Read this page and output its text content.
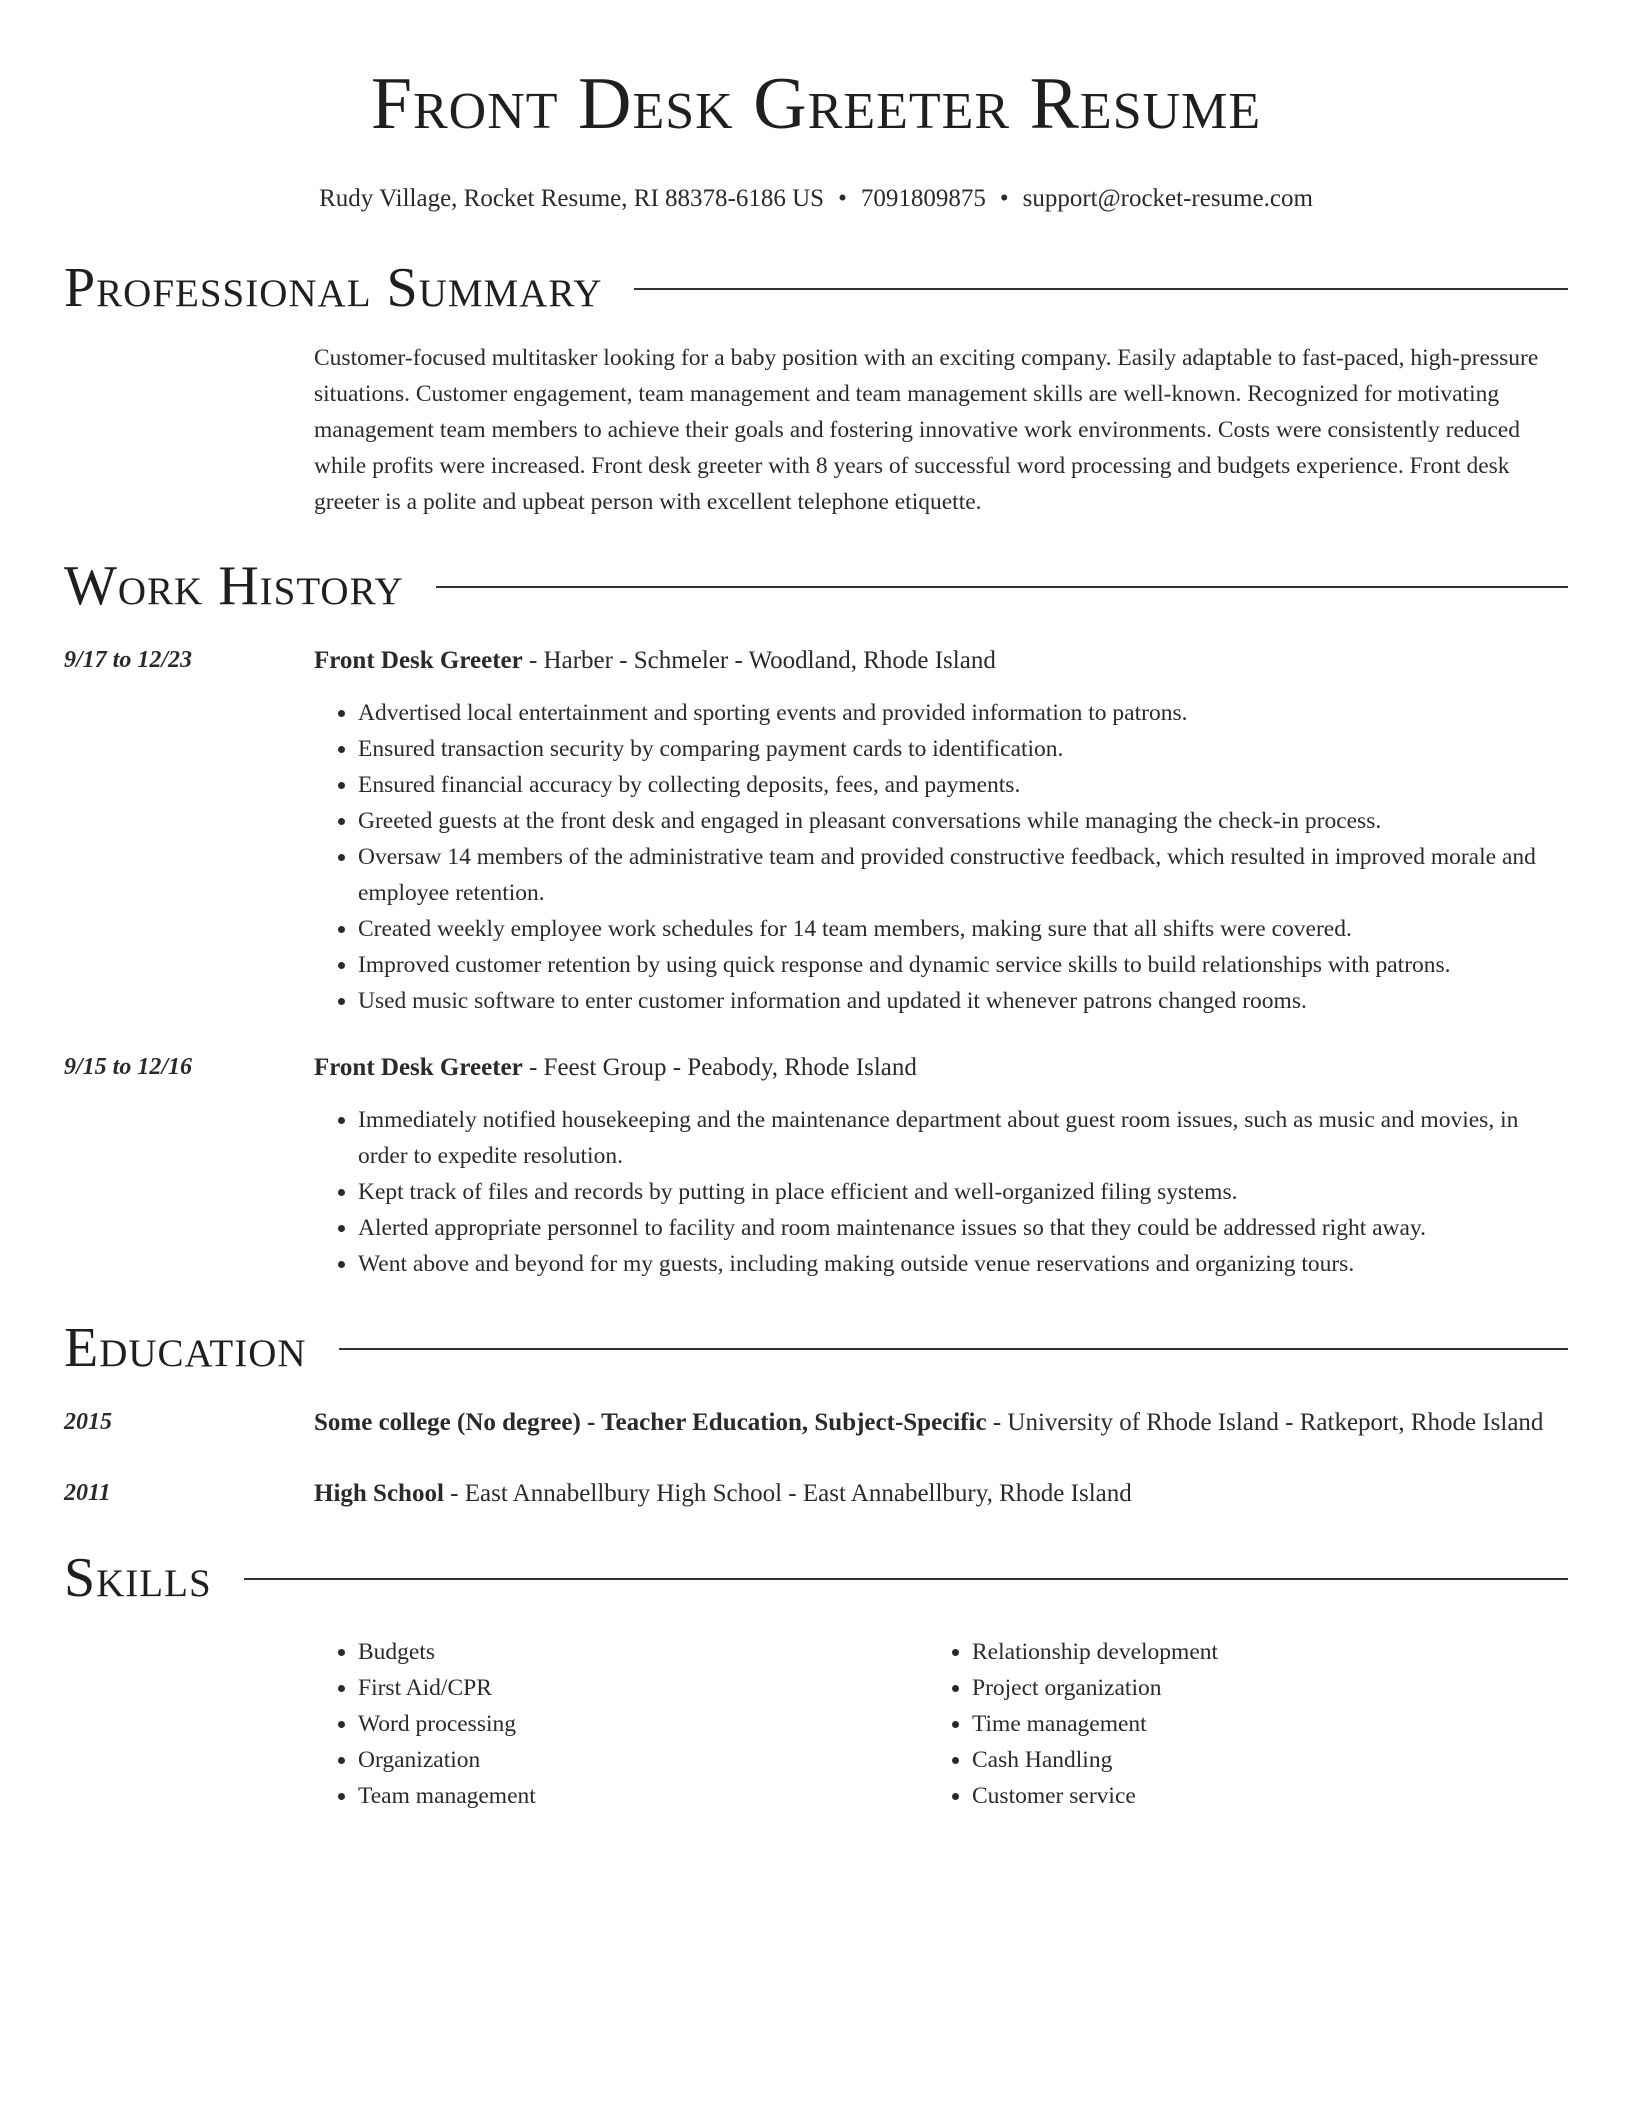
Front Desk Greeter Resume
Rudy Village, Rocket Resume, RI 88378-6186 US • 7091809875 • support@rocket-resume.com
Professional Summary
Customer-focused multitasker looking for a baby position with an exciting company. Easily adaptable to fast-paced, high-pressure situations. Customer engagement, team management and team management skills are well-known. Recognized for motivating management team members to achieve their goals and fostering innovative work environments. Costs were consistently reduced while profits were increased. Front desk greeter with 8 years of successful word processing and budgets experience. Front desk greeter is a polite and upbeat person with excellent telephone etiquette.
Work History
9/17 to 12/23	Front Desk Greeter - Harber - Schmeler - Woodland, Rhode Island
• Advertised local entertainment and sporting events and provided information to patrons.
• Ensured transaction security by comparing payment cards to identification.
• Ensured financial accuracy by collecting deposits, fees, and payments.
• Greeted guests at the front desk and engaged in pleasant conversations while managing the check-in process.
• Oversaw 14 members of the administrative team and provided constructive feedback, which resulted in improved morale and employee retention.
• Created weekly employee work schedules for 14 team members, making sure that all shifts were covered.
• Improved customer retention by using quick response and dynamic service skills to build relationships with patrons.
• Used music software to enter customer information and updated it whenever patrons changed rooms.
9/15 to 12/16	Front Desk Greeter - Feest Group - Peabody, Rhode Island
• Immediately notified housekeeping and the maintenance department about guest room issues, such as music and movies, in order to expedite resolution.
• Kept track of files and records by putting in place efficient and well-organized filing systems.
• Alerted appropriate personnel to facility and room maintenance issues so that they could be addressed right away.
• Went above and beyond for my guests, including making outside venue reservations and organizing tours.
Education
2015	Some college (No degree) - Teacher Education, Subject-Specific - University of Rhode Island - Ratkeport, Rhode Island
2011	High School - East Annabellbury High School - East Annabellbury, Rhode Island
Skills
• Budgets
• First Aid/CPR
• Word processing
• Organization
• Team management
• Relationship development
• Project organization
• Time management
• Cash Handling
• Customer service
